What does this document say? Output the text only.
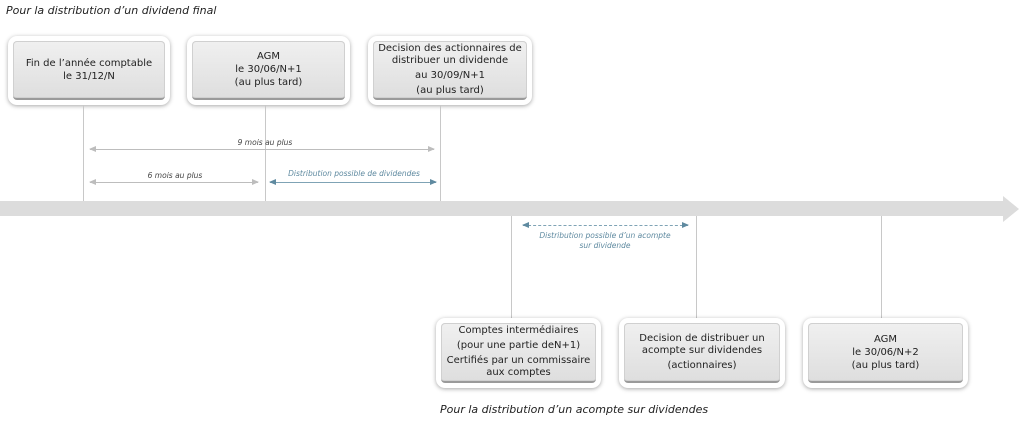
Pour la distribution d’un dividend final
Fin de l’année comptable
le 31/12/N
AGM
le 30/06/N+1
(au plus tard)
Decision des actionnaires de
distribuer un dividende
au 30/09/N+1
(au plus tard)
9 mois au plus
6 mois au plus	Distribution possible de dividendes
Distribution possible d’un acompte
sur dividende
Comptes intermédiaires
(pour une partie deN+1)
Certifiés par un commissaire
aux comptes
Decision de distribuer un
acompte sur dividendes
(actionnaires)
AGM
le 30/06/N+2
(au plus tard)
Pour la distribution d’un acompte sur dividendes
